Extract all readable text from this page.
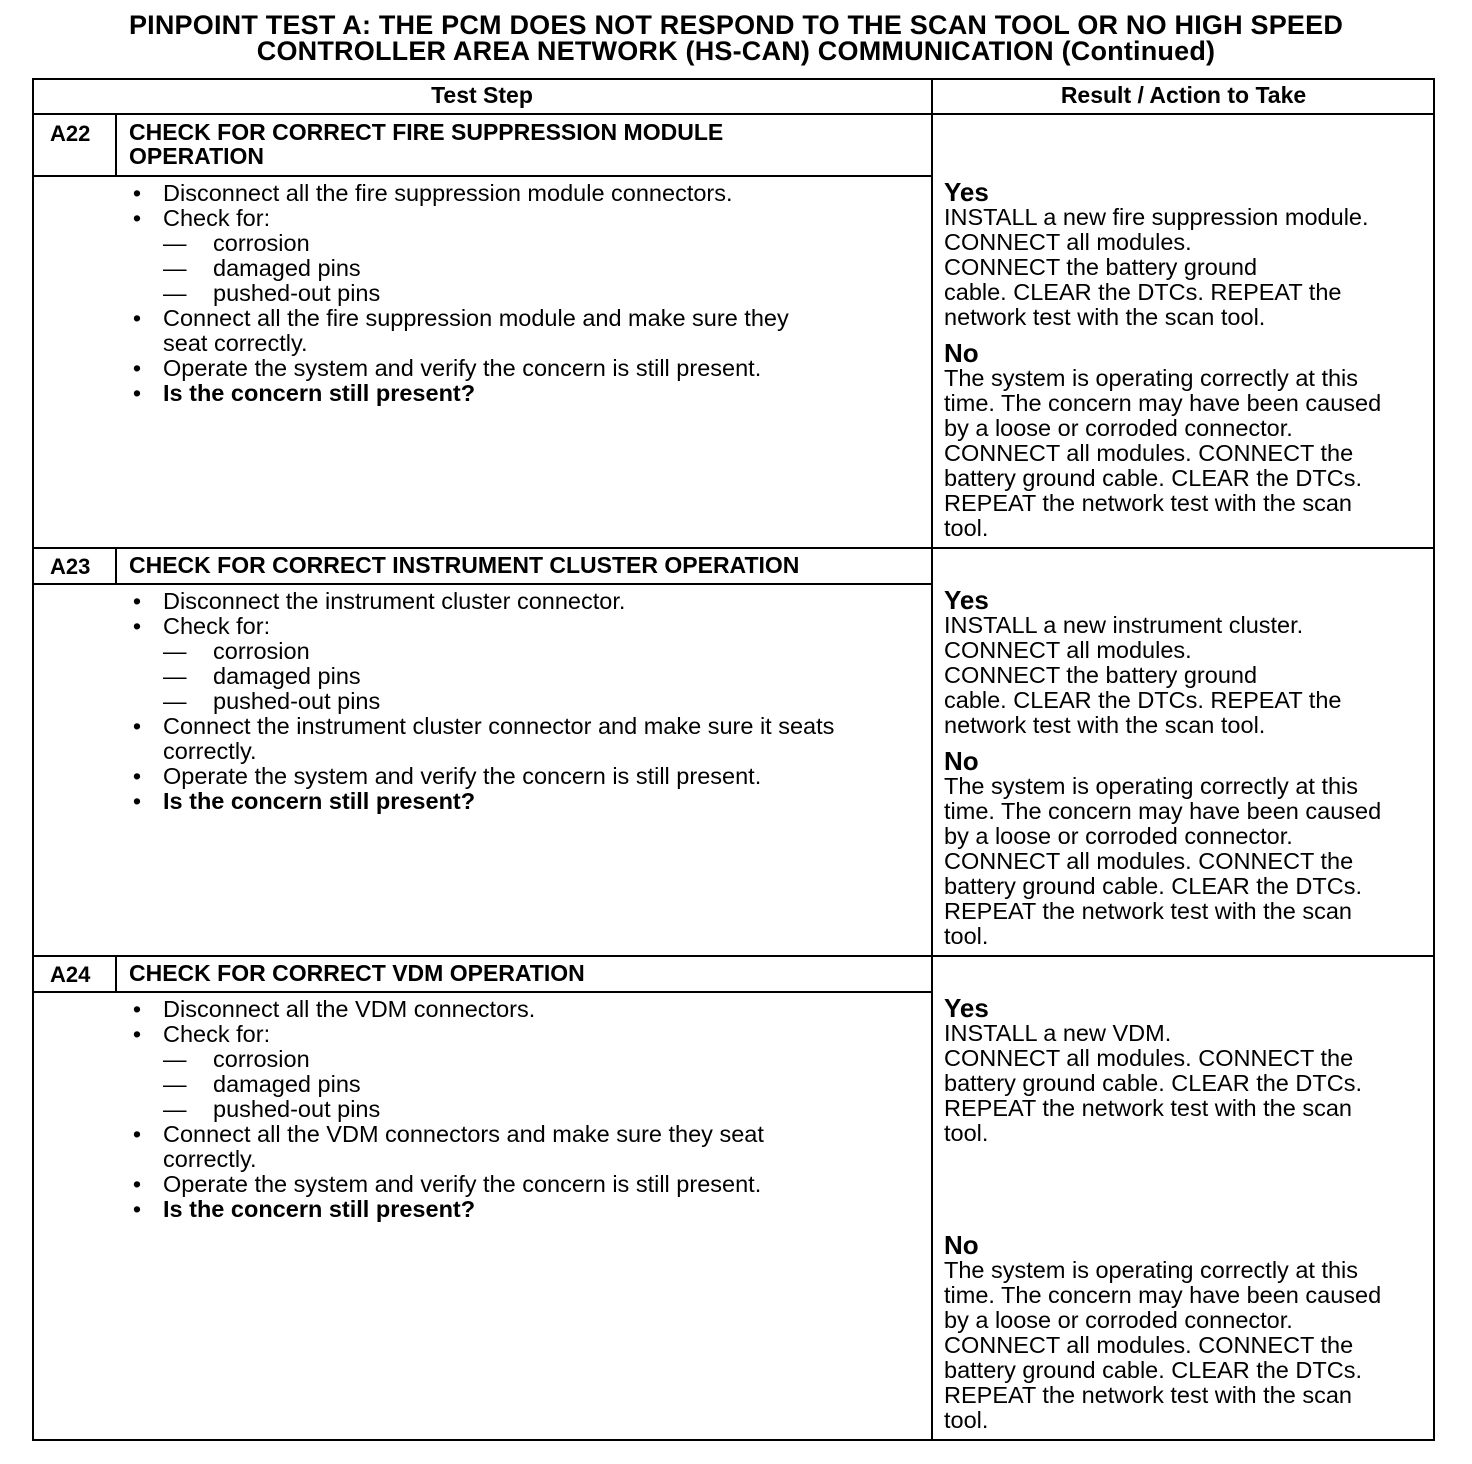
PINPOINT TEST A: THE PCM DOES NOT RESPOND TO THE SCAN TOOL OR NO HIGH SPEED
CONTROLLER AREA NETWORK (HS-CAN) COMMUNICATION (Continued)
Test Step	Result / Action to Take
A22 CHECK FOR CORRECT FIRE SUPPRESSION MODULE
OPERATION
• Disconnect all the fire suppression module connectors.
• Check for:
— corrosion
— damaged pins
— pushed-out pins
• Connect all the fire suppression module and make sure they
seat correctly.
• Operate the system and verify the concern is still present.
• Is the concern still present?
Yes
INSTALL a new fire suppression module.
CONNECT all modules.
CONNECT the battery ground
cable. CLEAR the DTCs. REPEAT the
network test with the scan tool.
No
The system is operating correctly at this
time. The concern may have been caused
by a loose or corroded connector.
CONNECT all modules. CONNECT the
battery ground cable. CLEAR the DTCs.
REPEAT the network test with the scan
tool.
A23 CHECK FOR CORRECT INSTRUMENT CLUSTER OPERATION
• Disconnect the instrument cluster connector.
• Check for:
— corrosion
— damaged pins
— pushed-out pins
• Connect the instrument cluster connector and make sure it seats
correctly.
• Operate the system and verify the concern is still present.
• Is the concern still present?
Yes
INSTALL a new instrument cluster.
CONNECT all modules.
CONNECT the battery ground
cable. CLEAR the DTCs. REPEAT the
network test with the scan tool.
No
The system is operating correctly at this
time. The concern may have been caused
by a loose or corroded connector.
CONNECT all modules. CONNECT the
battery ground cable. CLEAR the DTCs.
REPEAT the network test with the scan
tool.
A24 CHECK FOR CORRECT VDM OPERATION
• Disconnect all the VDM connectors.
• Check for:
— corrosion
— damaged pins
— pushed-out pins
• Connect all the VDM connectors and make sure they seat
correctly.
• Operate the system and verify the concern is still present.
• Is the concern still present?
Yes
INSTALL a new VDM.
CONNECT all modules. CONNECT the
battery ground cable. CLEAR the DTCs.
REPEAT the network test with the scan
tool.
No
The system is operating correctly at this
time. The concern may have been caused
by a loose or corroded connector.
CONNECT all modules. CONNECT the
battery ground cable. CLEAR the DTCs.
REPEAT the network test with the scan
tool.
